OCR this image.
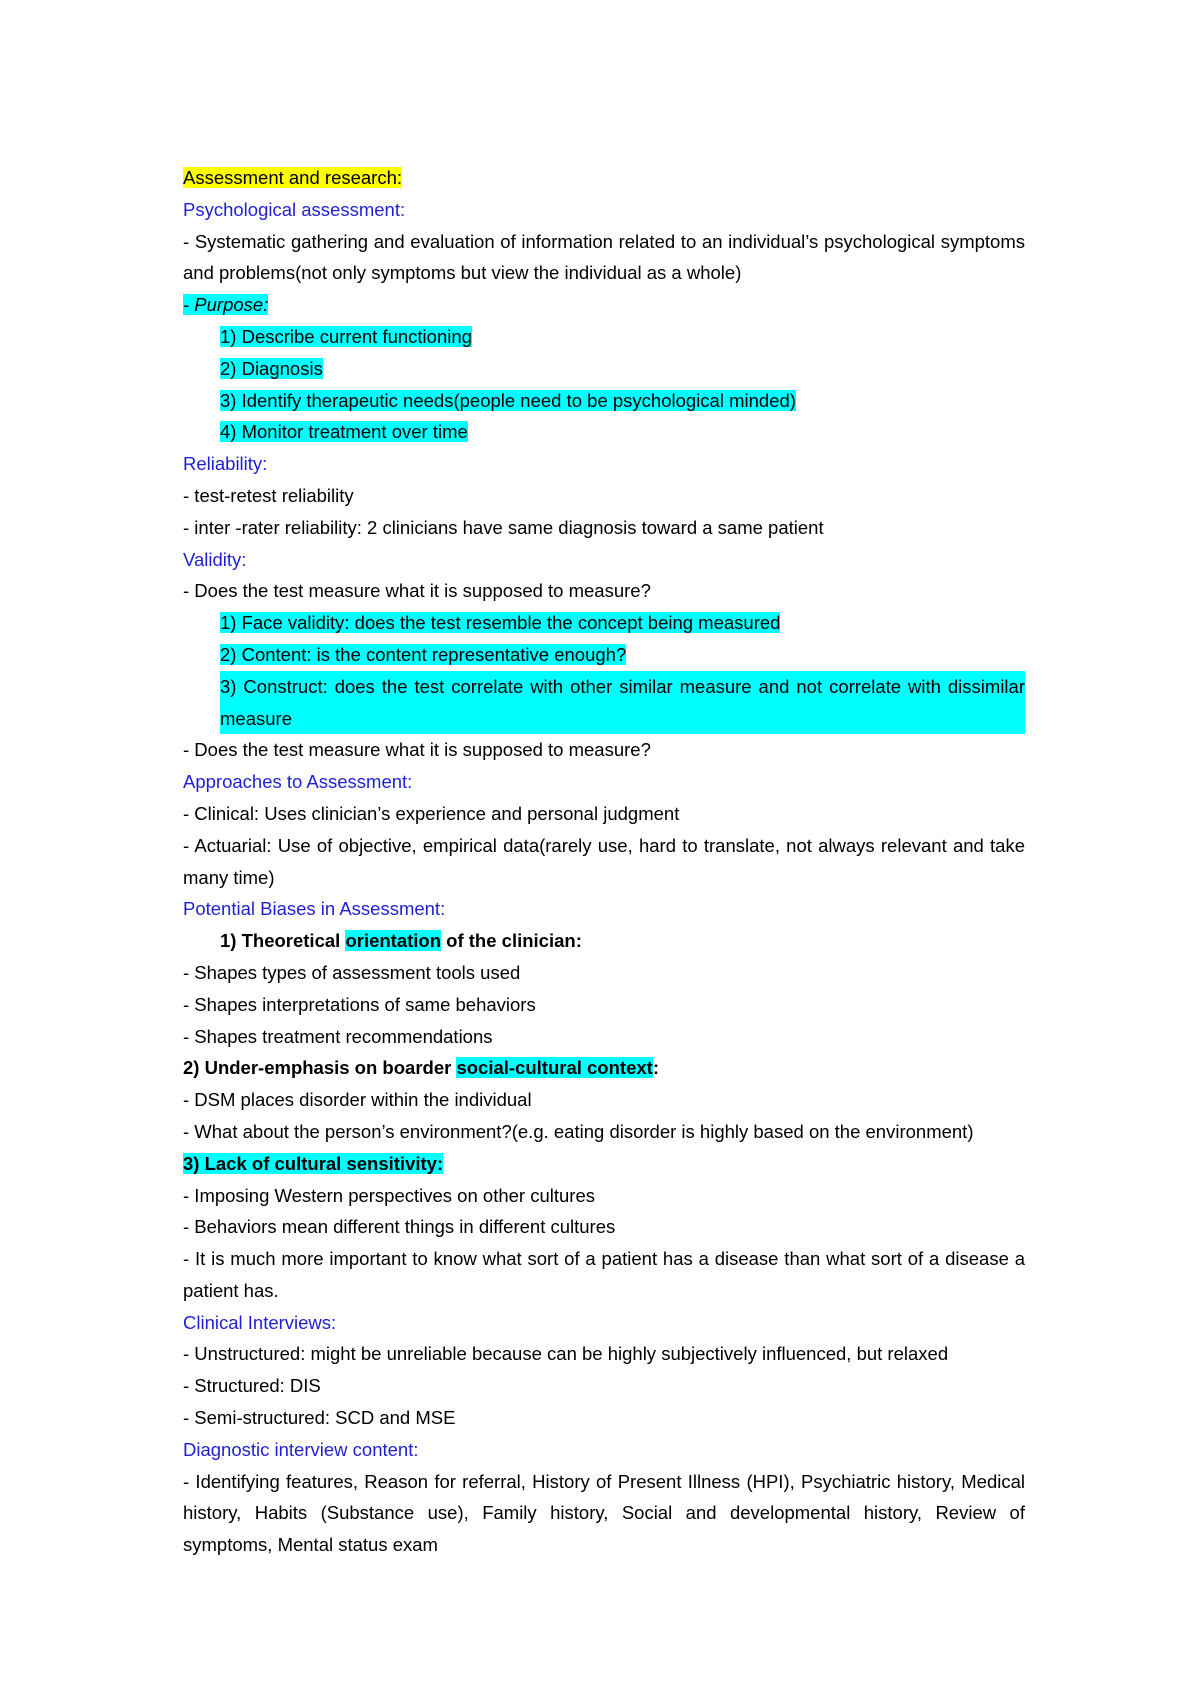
Assessment and research:
Psychological assessment:
- Systematic gathering and evaluation of information related to an individual’s psychological symptoms and problems(not only symptoms but view the individual as a whole)
- Purpose:
1) Describe current functioning
2) Diagnosis
3) Identify therapeutic needs(people need to be psychological minded)
4) Monitor treatment over time
Reliability:
- test-retest reliability
- inter -rater reliability: 2 clinicians have same diagnosis toward a same patient
Validity:
- Does the test measure what it is supposed to measure?
1) Face validity: does the test resemble the concept being measured
2) Content: is the content representative enough?
3) Construct: does the test correlate with other similar measure and not correlate with dissimilar measure
- Does the test measure what it is supposed to measure?
Approaches to Assessment:
- Clinical: Uses clinician’s experience and personal judgment
- Actuarial: Use of objective, empirical data(rarely use, hard to translate, not always relevant and take many time)
Potential Biases in Assessment:
1) Theoretical orientation of the clinician:
- Shapes types of assessment tools used
- Shapes interpretations of same behaviors
- Shapes treatment recommendations
2) Under-emphasis on boarder social-cultural context:
- DSM places disorder within the individual
- What about the person’s environment?(e.g. eating disorder is highly based on the environment)
3) Lack of cultural sensitivity:
- Imposing Western perspectives on other cultures
- Behaviors mean different things in different cultures
- It is much more important to know what sort of a patient has a disease than what sort of a disease a patient has.
Clinical Interviews:
- Unstructured: might be unreliable because can be highly subjectively influenced, but relaxed
- Structured: DIS
- Semi-structured: SCD and MSE
Diagnostic interview content:
- Identifying features, Reason for referral, History of Present Illness (HPI), Psychiatric history, Medical history, Habits (Substance use), Family history, Social and developmental history, Review of symptoms, Mental status exam
